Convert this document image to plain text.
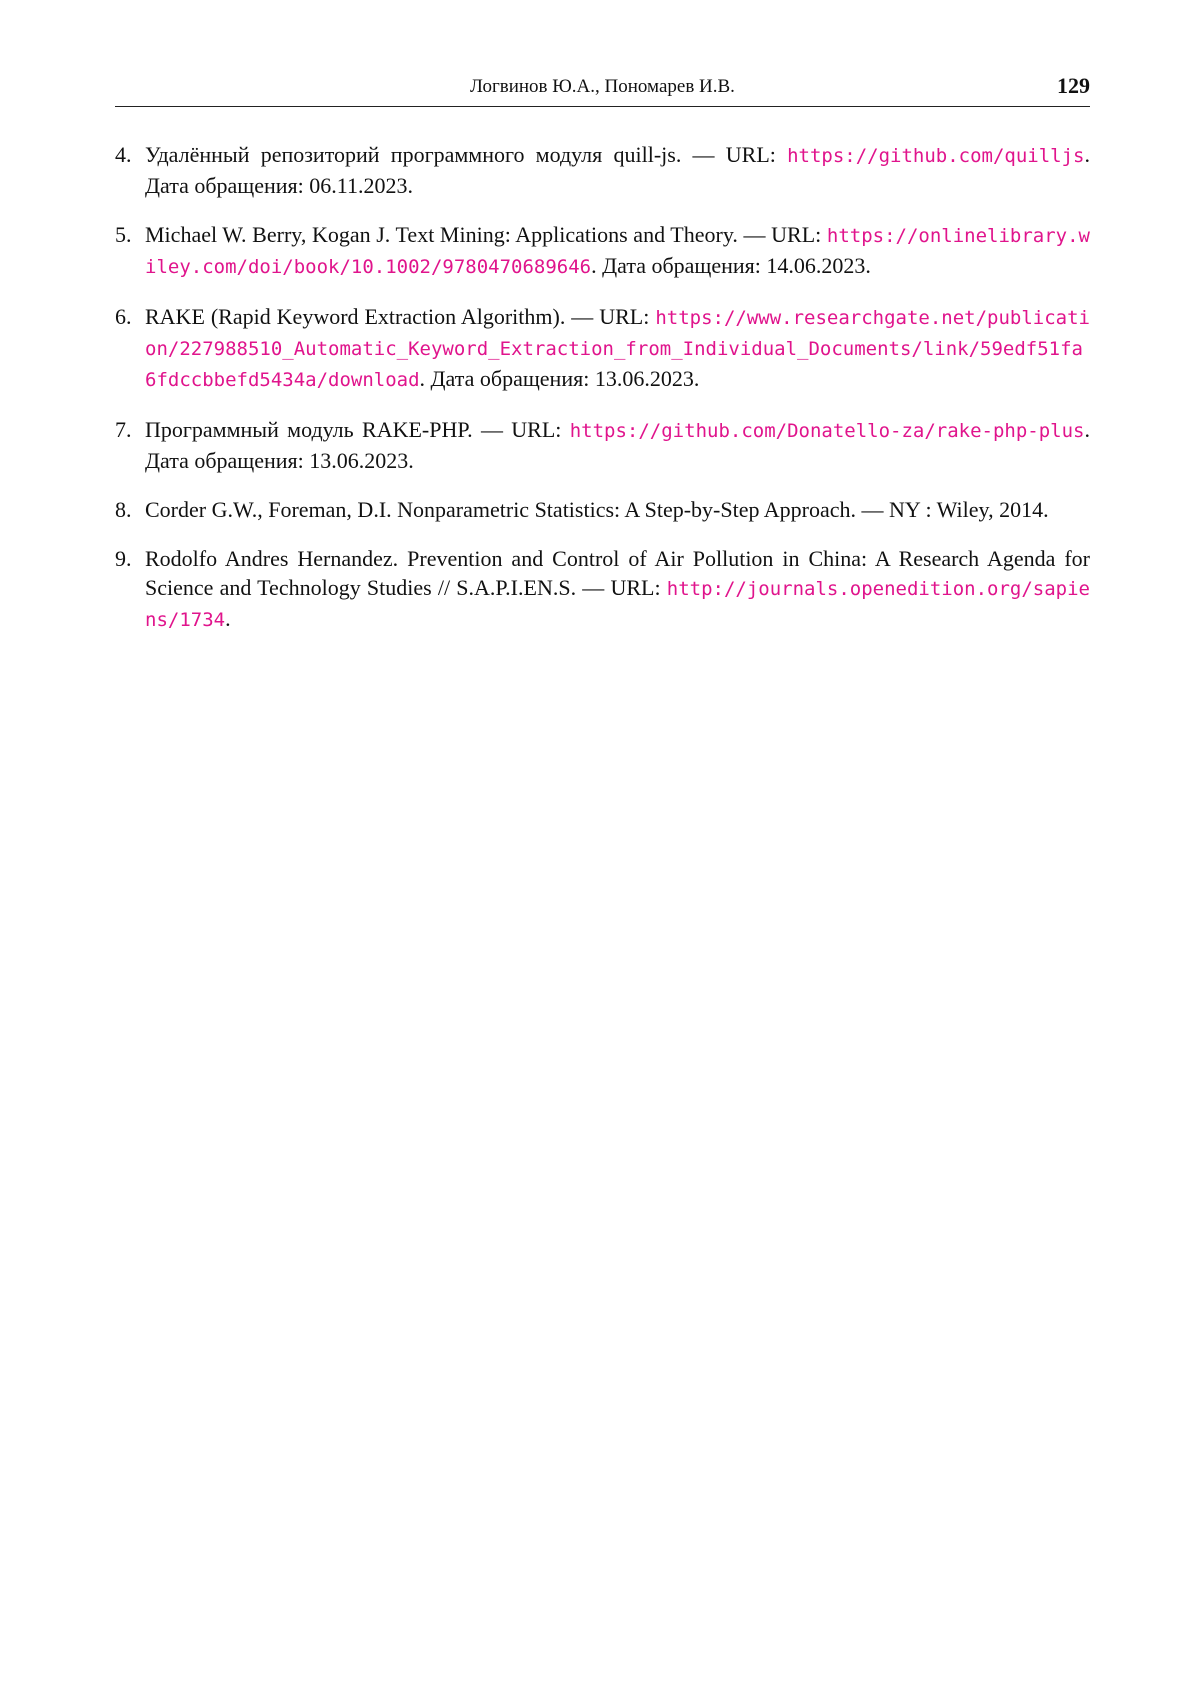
Логвинов Ю.А., Пономарев И.В.	129
4. Удалённый репозиторий программного модуля quill-js. — URL: https://github.com/quilljs. Дата обращения: 06.11.2023.
5. Michael W. Berry, Kogan J. Text Mining: Applications and Theory. — URL: https://onlinelibrary.wiley.com/doi/book/10.1002/9780470689646. Дата обращения: 14.06.2023.
6. RAKE (Rapid Keyword Extraction Algorithm). — URL: https://www.researchgate.net/publication/227988510_Automatic_Keyword_Extraction_from_Individual_Documents/link/59edf51fa6fdccbbefd5434a/download. Дата обращения: 13.06.2023.
7. Программный модуль RAKE-PHP. — URL: https://github.com/Donatello-za/rake-php-plus. Дата обращения: 13.06.2023.
8. Corder G.W., Foreman, D.I. Nonparametric Statistics: A Step-by-Step Approach. — NY : Wiley, 2014.
9. Rodolfo Andres Hernandez. Prevention and Control of Air Pollution in China: A Research Agenda for Science and Technology Studies // S.A.P.I.EN.S. — URL: http://journals.openedition.org/sapiens/1734.
